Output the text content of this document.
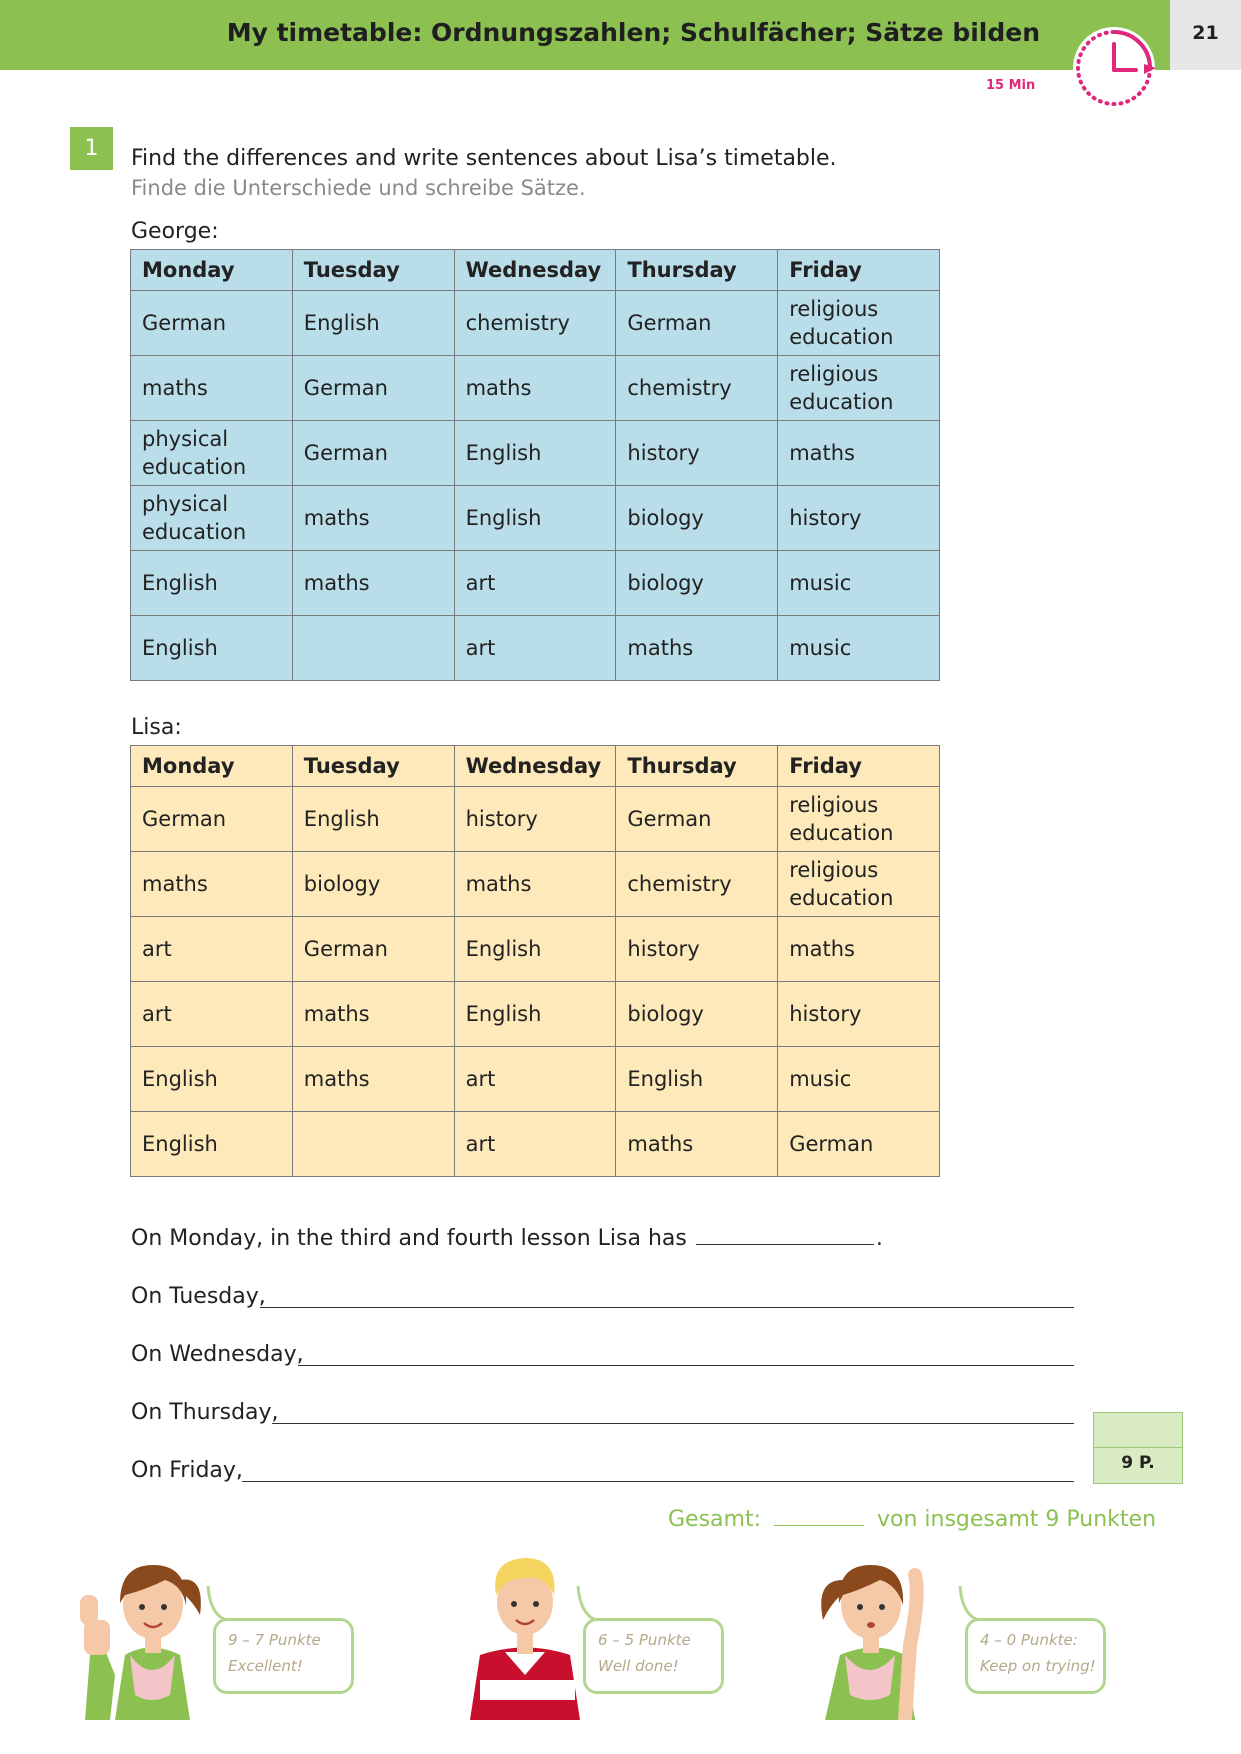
My timetable: Ordnungszahlen; Schulfächer; Sätze bilden	21
15 Min
1	Find the differences and write sentences about Lisa’s timetable.
Finde die Unterschiede und schreibe Sätze.
George:
Monday	Tuesday	Wednesday	Thursday	Friday
German	English	chemistry	German	religious education
maths	German	maths	chemistry	religious education
physical education	German	English	history	maths
physical education	maths	English	biology	history
English	maths	art	biology	music
English		art	maths	music
Lisa:
Monday	Tuesday	Wednesday	Thursday	Friday
German	English	history	German	religious education
maths	biology	maths	chemistry	religious education
art	German	English	history	maths
art	maths	English	biology	history
English	maths	art	English	music
English		art	maths	German
On Monday, in the third and fourth lesson Lisa has	.
On Tuesday,
On Wednesday,
On Thursday,
On Friday,	9 P.
Gesamt:	von insgesamt 9 Punkten
9 – 7 Punkte
Excellent!
6 – 5 Punkte
Well done!
4 – 0 Punkte:
Keep on trying!
